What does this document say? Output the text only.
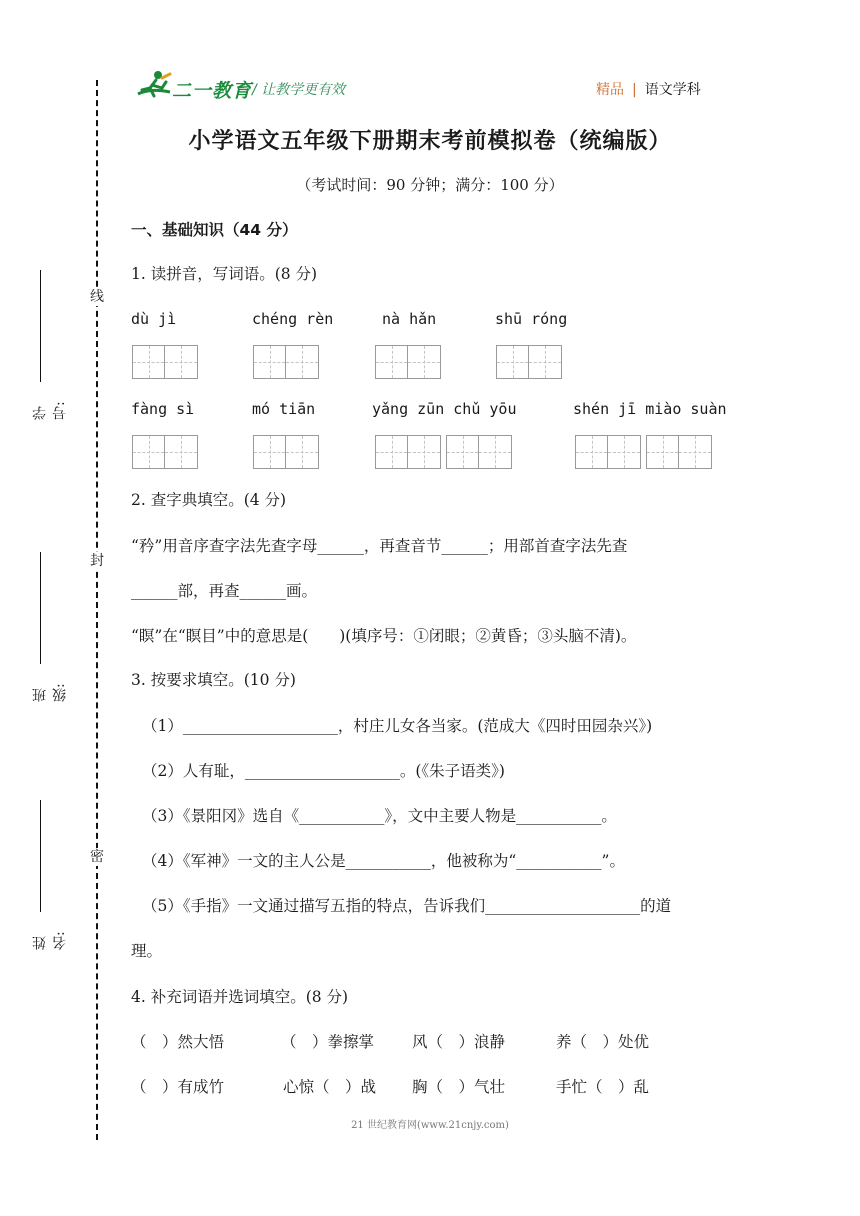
线
封
密
学号:
班级:
姓名:
二一教育 / 让教学更有效	精品 | 语文学科
小学语文五年级下册期末考前模拟卷（统编版）
（考试时间：90 分钟；满分：100 分）
一、基础知识（44 分）
1. 读拼音，写词语。(8 分)
dù jì	chéng rèn	nà hǎn	shū róng
fàng sì	mó tiān	yǎng zūn chǔ yōu	shén jī miào suàn
2. 查字典填空。(4 分)
“矜”用音序查字法先查字母______，再查音节______；用部首查字法先查
______部，再查______画。
“瞑”在“瞑目”中的意思是(　　)(填序号：①闭眼；②黄昏；③头脑不清)。
3. 按要求填空。(10 分)
（1）____________________，村庄儿女各当家。(范成大《四时田园杂兴》)
（2）人有耻，____________________。(《朱子语类》)
（3）《景阳冈》选自《___________》，文中主要人物是___________。
（4）《军神》一文的主人公是___________，他被称为“___________”。
（5）《手指》一文通过描写五指的特点，告诉我们____________________的道
理。
4. 补充词语并选词填空。(8 分)
（　）然大悟	（　）拳擦掌 风（　）浪静	养（　）处优
（　）有成竹	心惊（　）战 胸（　）气壮	手忙（　）乱
21 世纪教育网(www.21cnjy.com)
